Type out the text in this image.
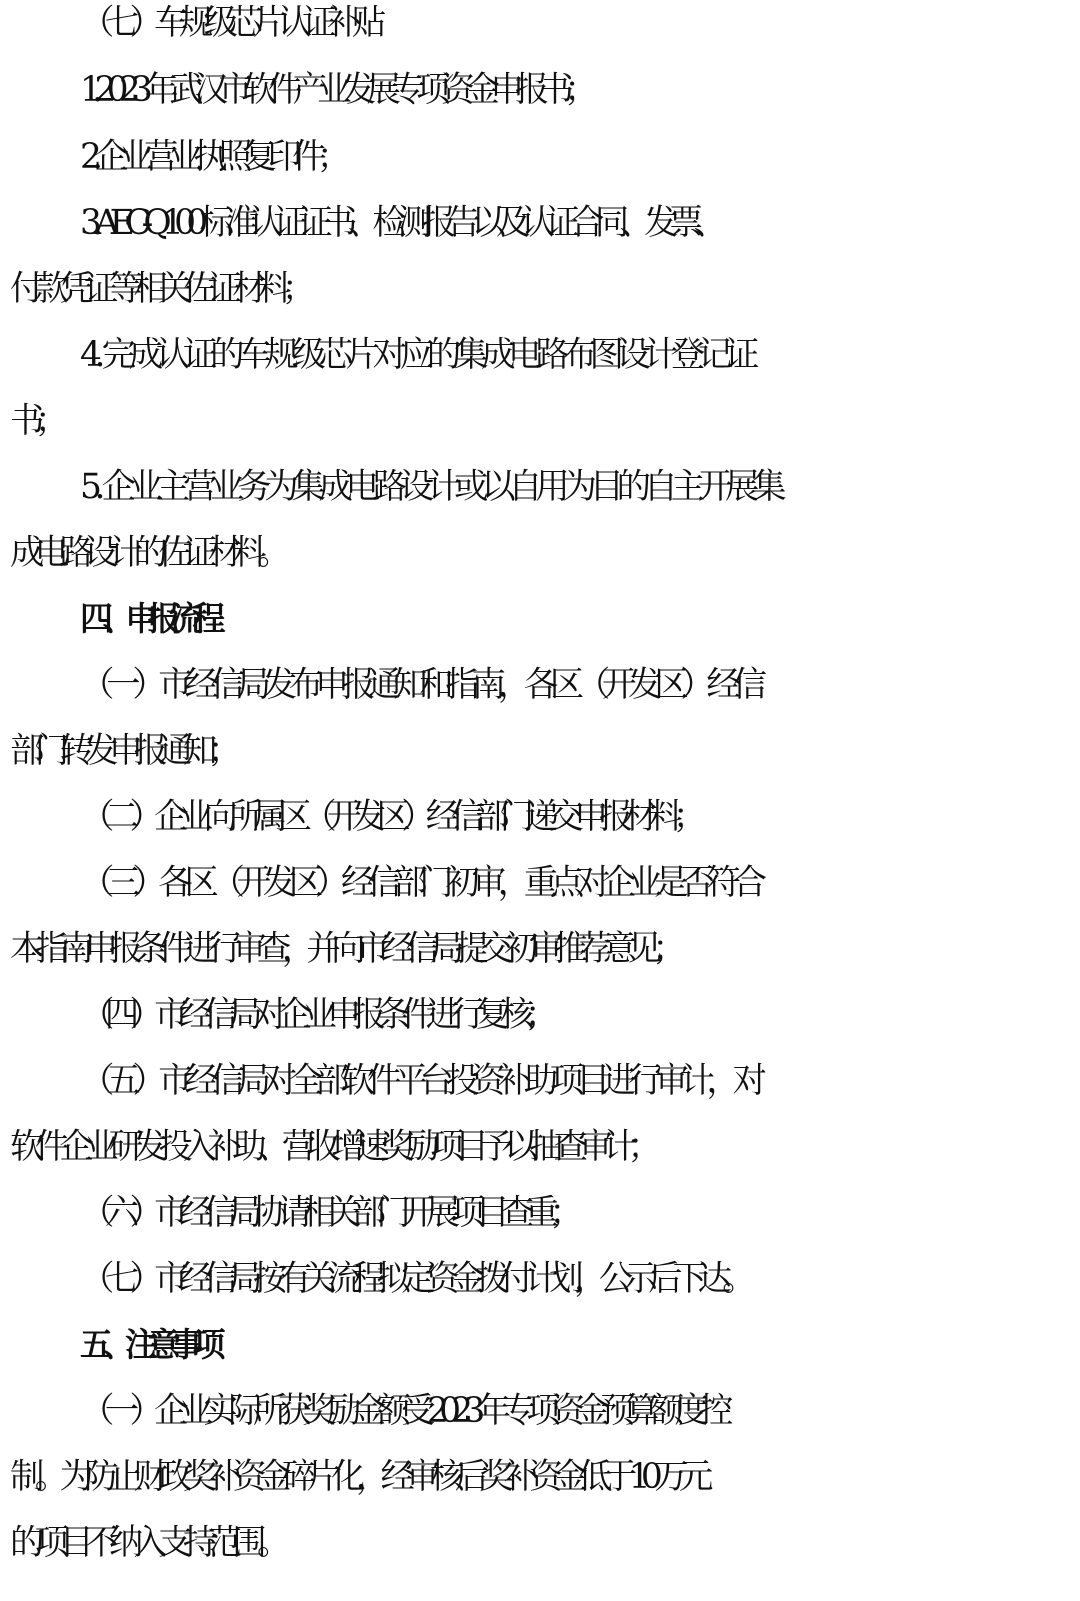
（七）车规级芯片认证补贴
1. 2023 年武汉市软件产业发展专项资金申报书；
2. 企业营业执照复印件；
3. AEC-Q100 标准认证证书、检测报告以及认证合同、发票、
付款凭证等相关佐证材料；
4. 完成认证的车规级芯片对应的集成电路布图设计登记证
书；
5. 企业主营业务为集成电路设计或以自用为目的自主开展集
成电路设计的佐证材料。
四、申报流程
（一）市经信局发布申报通知和指南，各区（开发区）经信
部门转发申报通知；
（二）企业向所属区（开发区）经信部门递交申报材料；
（三）各区（开发区）经信部门初审，重点对企业是否符合
本指南申报条件进行审查，并向市经信局提交初审推荐意见；
（四）市经信局对企业申报条件进行复核；
（五）市经信局对全部软件平台投资补助项目进行审计，对
软件企业研发投入补助、营收增速奖励项目予以抽查审计；
（六）市经信局协请相关部门开展项目查重；
（七）市经信局按有关流程拟定资金拨付计划，公示后下达。
五、注意事项
（一）企业实际所获奖励金额受 2023 年专项资金预算额度控
制。为防止财政奖补资金碎片化，经审核后奖补资金低于 10 万元
的项目不纳入支持范围。
